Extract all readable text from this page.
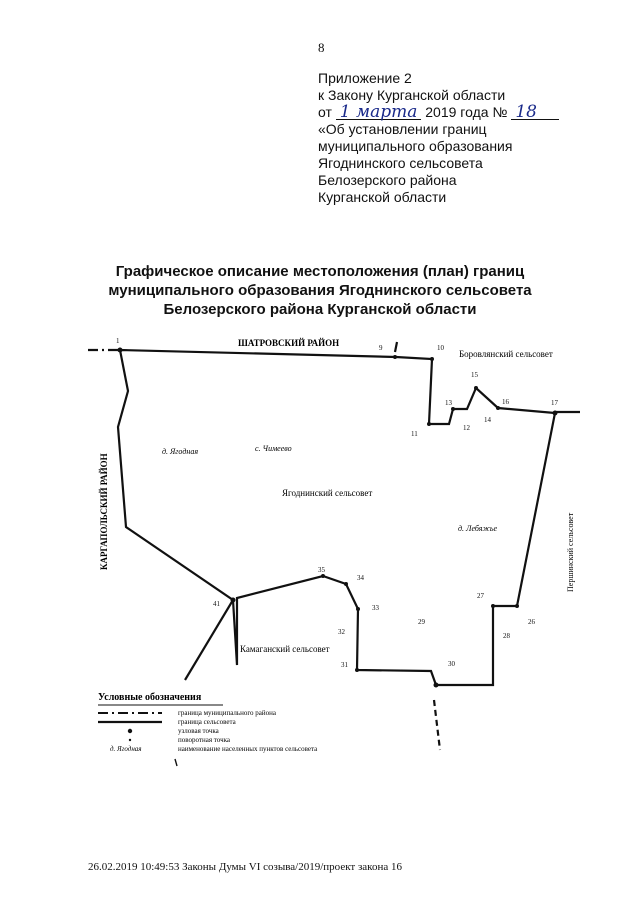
8
Приложение 2
к Закону Курганской области
от 1 марта 2019 года № 18
«Об установлении границ
муниципального образования
Ягоднинского сельсовета
Белозерского района
Курганской области
Графическое описание местоположения (план) границ
муниципального образования Ягоднинского сельсовета
Белозерского района Курганской области
1
9	10
11
12
13
14
15
16	17
35
34
33
32
31	30
29
28
27
26
41
ШАТРОВСКИЙ РАЙОН
Боровлянский сельсовет
КАРГАПОЛЬСКИЙ РАЙОН	Першинский сельсовет
Ягоднинский сельсовет
Камаганский сельсовет
д. Ягодная	с. Чимеево
д. Лебяжье
Условные обозначения
граница муниципального района
граница сельсовета
узловая точка
поворотная точка
д. Ягодная	наименование населенных пунктов сельсовета
26.02.2019 10:49:53 Законы Думы VI созыва/2019/проект закона 16
